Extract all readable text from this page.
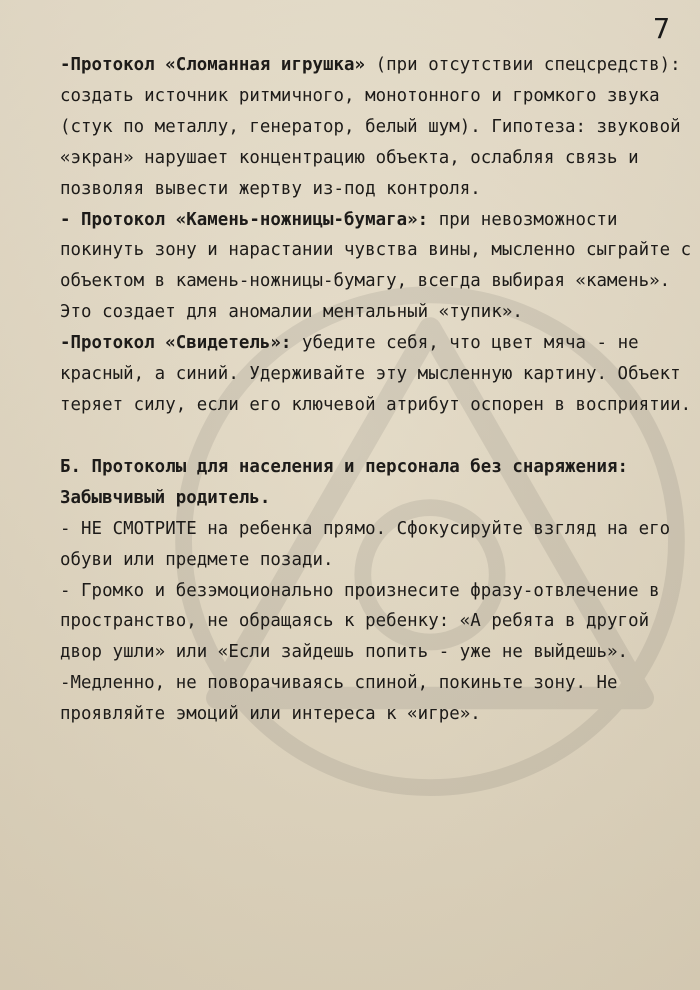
7

-Протокол «Сломанная игрушка» (при отсутствии спецсредств): создать источник ритмичного, монотонного и громкого звука (стук по металлу, генератор, белый шум). Гипотеза: звуковой «экран» нарушает концентрацию объекта, ослабляя связь и позволяя вывести жертву из-под контроля.

- Протокол «Камень-ножницы-бумага»: при невозможности покинуть зону и нарастании чувства вины, мысленно сыграйте с объектом в камень-ножницы-бумагу, всегда выбирая «камень». Это создает для аномалии ментальный «тупик».

-Протокол «Свидетель»: убедите себя, что цвет мяча - не красный, а синий. Удерживайте эту мысленную картину. Объект теряет силу, если его ключевой атрибут оспорен в восприятии.

Б. Протоколы для населения и персонала без снаряжения: Забывчивый родитель.

- НЕ СМОТРИТЕ на ребенка прямо. Сфокусируйте взгляд на его обуви или предмете позади.

- Громко и безэмоционально произнесите фразу-отвлечение в пространство, не обращаясь к ребенку: «А ребята в другой двор ушли» или «Если зайдешь попить - уже не выйдешь».

-Медленно, не поворачиваясь спиной, покиньте зону. Не проявляйте эмоций или интереса к «игре».
